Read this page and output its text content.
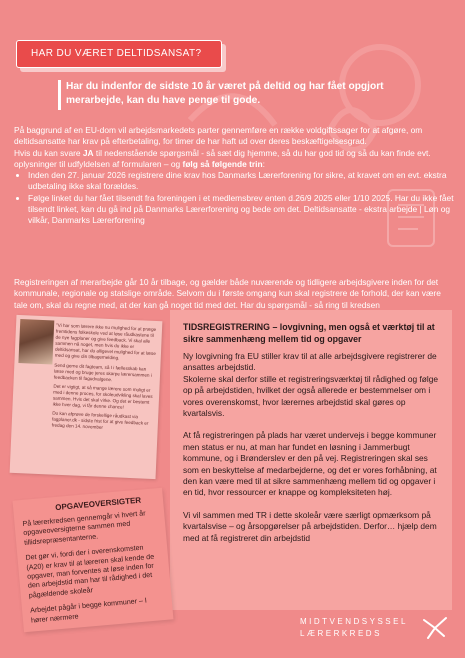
HAR DU VÆRET DELTIDSANSAT?
Har du indenfor de sidste 10 år været på deltid og har fået opgjort merarbejde, kan du have penge til gode.

På baggrund af en EU-dom vil arbejdsmarkedets parter gennemføre en række voldgiftssager for at afgøre, om deltidsansatte har krav på efterbetaling, for timer de har haft ud over deres beskæftigelsesgrad.

Hvis du kan svare JA til nedenstående spørgsmål - så sæt dig hjemme, så du har god tid og så du kan finde evt. oplysninger til udfyldelsen af formularen – og følg så følgende trin:

• Inden den 27. januar 2026 registrere dine krav hos Danmarks Lærerforening for sikre, at kravet om en evt. ekstra udbetaling ikke skal forældes.
• Følge linket du har fået tilsendt fra foreningen i et medlemsbrev enten d.26/9 2025 eller 1/10 2025. Har du ikke fået tilsendt linket, kan du gå ind på Danmarks Lærerforening og bede om det. Deltidsansatte - ekstra arbejde | Løn og vilkår, Danmarks Lærerforening
Registreringen af merarbejde går 10 år tilbage, og gælder både nuværende og tidligere arbejdsgivere inden for det kommunale, regionale og statslige område. Selvom du i første omgang kun skal registrere de forhold, der kan være tale om, skal du regne med, at der kan gå noget tid med det. Har du spørgsmål - så ring til kredsen

"Vi har som lærere ikke nu mulighed for at præge fremtidens folkeskole ved at løse råudkastene til de nye fagplaner og give feedback. Vi skal alle sammen nå noget, men hvis du ikke er deltidsansat, har du alligevel mulighed for at læse med og give din tilbagemelding.

Send gerne dit fagteam, så I i fællesskab kan læse med og bruge jeres skarpe lærersammen i feedbacken til fagudvalgene.

Det er vigtigt, at så mange lærere som muligt er med i denne proces, for skoleudvikling skal laves sammen. Hvis det skal virke. Og det er bestemt ikke hver dag, vi får denne chance!

Du kan afprøve de forskellige råudkast via fagplaner.dk - sidste frist for at give feedback er fredag den 14. november

TIDSREGISTRERING – lovgivning, men også et værktøj til at sikre sammenhæng mellem tid og opgaver

Ny lovgivning fra EU stiller krav til at alle arbejdsgivere registrerer de ansattes arbejdstid.
Skolerne skal derfor stille et registreringsværktøj til rådighed og følge op på arbejdstiden, hvilket der også allerede er bestemmelser om i vores overenskomst, hvor lærernes arbejdstid skal gøres op kvartalsvis.

At få registreringen på plads har været undervejs i begge kommuner men status er nu, at man har fundet en løsning i Jammerbugt kommune, og i Brønderslev er den på vej. Registreringen skal ses som en beskyttelse af medarbejderne, og det er vores forhåbning, at den kan være med til at sikre sammenhæng mellem tid og opgaver i en tid, hvor ressourcer er knappe og kompleksiteten høj.

Vi vil sammen med TR i dette skoleår være særligt opmærksom på kvartalsvise – og årsopgørelser på arbejdstiden. Derfor… hjælp dem med at få registreret din arbejdstid

OPGAVEOVERSIGTER

På lærerkredsen gennemgår vi hvert år opgaveoversigterne sammen med tillidsrepræsentanterne.

Det gør vi, fordi der i overenskomsten (A20) er krav til at læreren skal kende de opgaver, man forventes at løse inden for den arbejdstid man har til rådighed i det pågældende skoleår

Arbejdet pågår i begge kommuner – I hører nærmere	MIDTVENDSYSSEL
LÆRERKREDS
